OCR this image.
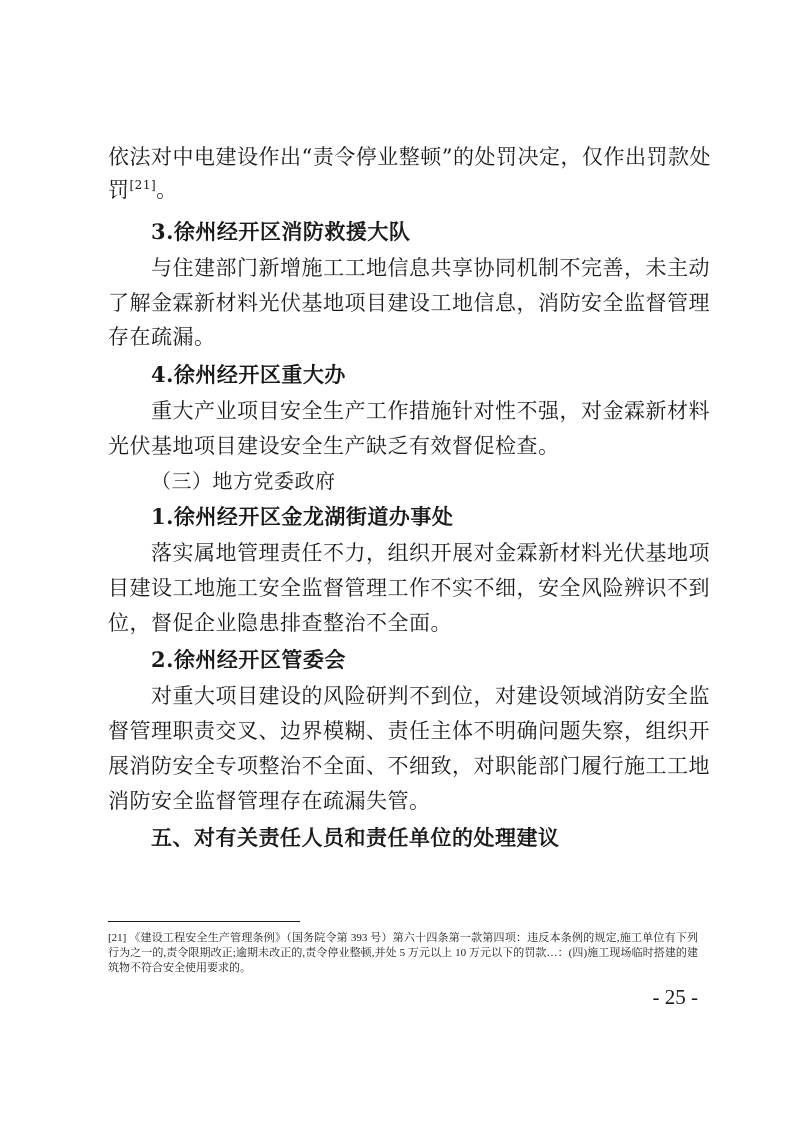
依法对中电建设作出“责令停业整顿”的处罚决定，仅作出罚款处
罚[21]。
3.徐州经开区消防救援大队
与住建部门新增施工工地信息共享协同机制不完善，未主动
了解金霖新材料光伏基地项目建设工地信息，消防安全监督管理
存在疏漏。
4.徐州经开区重大办
重大产业项目安全生产工作措施针对性不强，对金霖新材料
光伏基地项目建设安全生产缺乏有效督促检查。
（三）地方党委政府
1.徐州经开区金龙湖街道办事处
落实属地管理责任不力，组织开展对金霖新材料光伏基地项
目建设工地施工安全监督管理工作不实不细，安全风险辨识不到
位，督促企业隐患排查整治不全面。
2.徐州经开区管委会
对重大项目建设的风险研判不到位，对建设领域消防安全监
督管理职责交叉、边界模糊、责任主体不明确问题失察，组织开
展消防安全专项整治不全面、不细致，对职能部门履行施工工地
消防安全监督管理存在疏漏失管。
五、对有关责任人员和责任单位的处理建议
[21] 《建设工程安全生产管理条例》（国务院令第 393 号）第六十四条第一款第四项：违反本条例的规定,施工单位有下列行为之一的,责令限期改正;逾期未改正的,责令停业整顿,并处 5 万元以上 10 万元以下的罚款…：(四)施工现场临时搭建的建筑物不符合安全使用要求的。
- 25 -
